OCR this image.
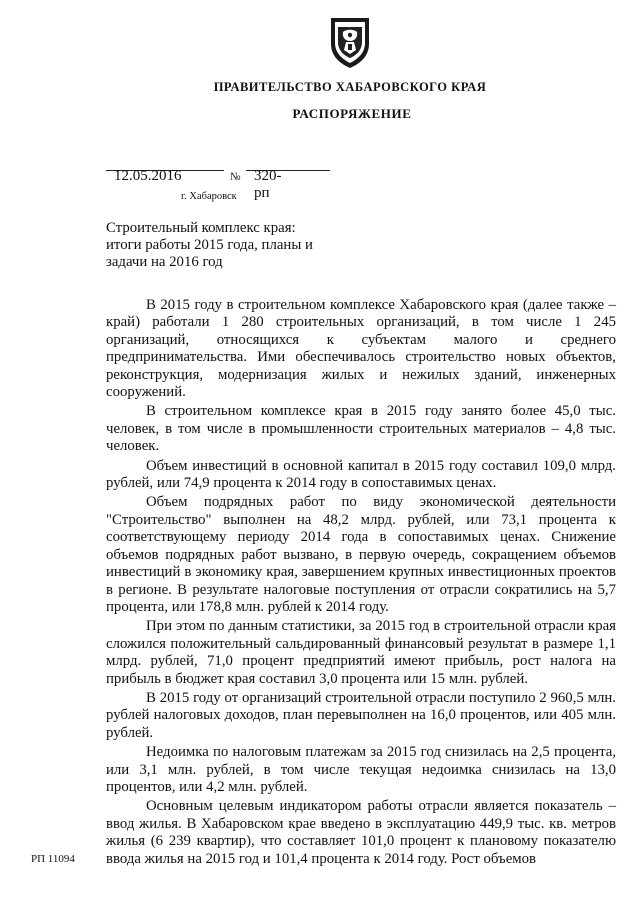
ПРАВИТЕЛЬСТВО ХАБАРОВСКОГО КРАЯ
РАСПОРЯЖЕНИЕ
12.05.2016	№ 320-рп
г. Хабаровск
Строительный комплекс края:
итоги работы 2015 года, планы и
задачи на 2016 год

В 2015 году в строительном комплексе Хабаровского края (далее также – край) работали 1 280 строительных организаций, в том числе 1 245 организаций, относящихся к субъектам малого и среднего предпринимательства. Ими обеспечивалось строительство новых объектов, реконструкция, модернизация жилых и нежилых зданий, инженерных сооружений.

В строительном комплексе края в 2015 году занято более 45,0 тыс. человек, в том числе в промышленности строительных материалов – 4,8 тыс. человек.

Объем инвестиций в основной капитал в 2015 году составил 109,0 млрд. рублей, или 74,9 процента к 2014 году в сопоставимых ценах.

Объем подрядных работ по виду экономической деятельности "Строительство" выполнен на 48,2 млрд. рублей, или 73,1 процента к соответствующему периоду 2014 года в сопоставимых ценах. Снижение объемов подрядных работ вызвано, в первую очередь, сокращением объемов инвестиций в экономику края, завершением крупных инвестиционных проектов в регионе. В результате налоговые поступления от отрасли сократились на 5,7 процента, или 178,8 млн. рублей к 2014 году.

При этом по данным статистики, за 2015 год в строительной отрасли края сложился положительный сальдированный финансовый результат в размере 1,1 млрд. рублей, 71,0 процент предприятий имеют прибыль, рост налога на прибыль в бюджет края составил 3,0 процента или 15 млн. рублей.

В 2015 году от организаций строительной отрасли поступило 2 960,5 млн. рублей налоговых доходов, план перевыполнен на 16,0 процентов, или 405 млн. рублей.

Недоимка по налоговым платежам за 2015 год снизилась на 2,5 процента, или 3,1 млн. рублей, в том числе текущая недоимка снизилась на 13,0 процентов, или 4,2 млн. рублей.

Основным целевым индикатором работы отрасли является показатель – ввод жилья. В Хабаровском крае введено в эксплуатацию 449,9 тыс. кв. метров жилья (6 239 квартир), что составляет 101,0 процент к плановому показателю ввода жилья на 2015 год и 101,4 процента к 2014 году. Рост объемов

РП 11094
